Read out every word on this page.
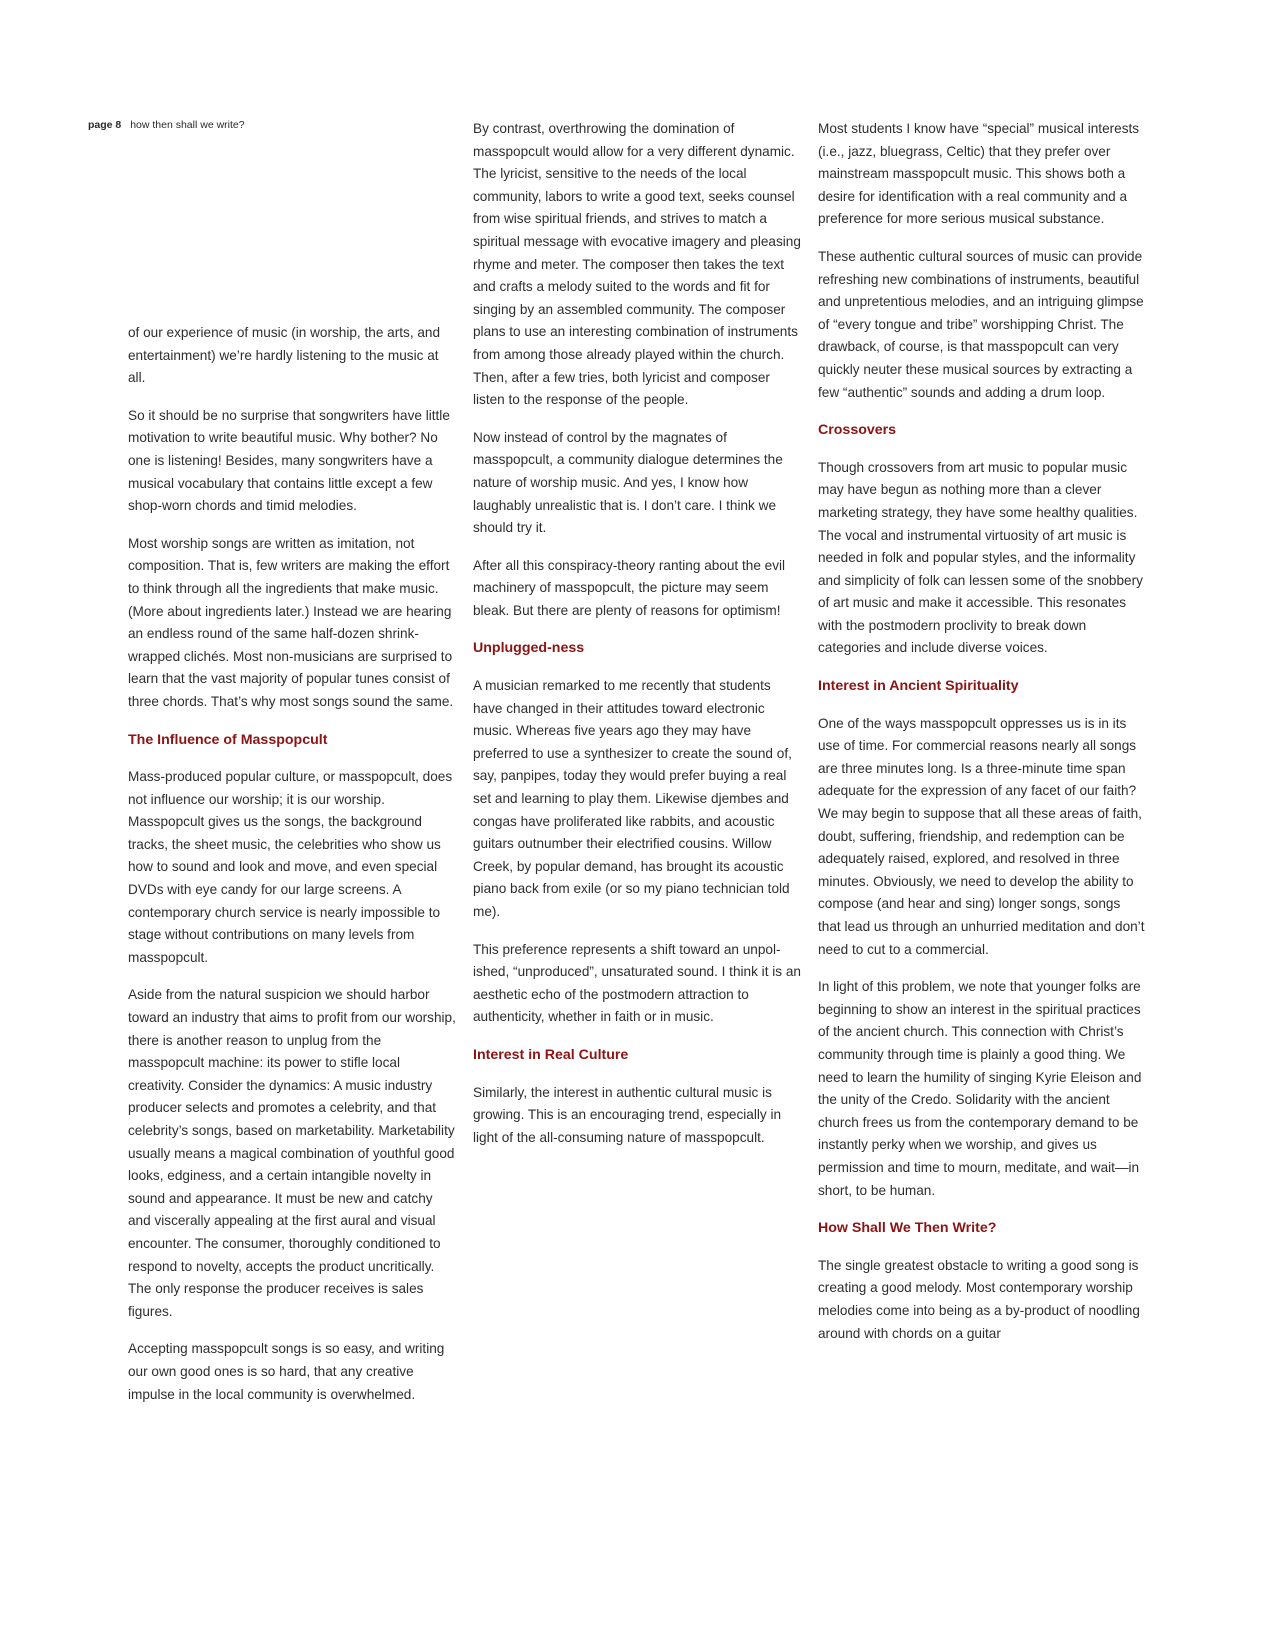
page 8 how then shall we write?

of our experience of music (in worship, the arts, and entertainment) we’re hardly listening to the music at all.

So it should be no surprise that songwriters have little motivation to write beautiful music. Why bother? No one is listening! Besides, many songwriters have a musical vocabulary that contains little except a few shop-worn chords and timid melodies.

Most worship songs are written as imitation, not composition. That is, few writers are making the effort to think through all the ingredients that make music. (More about ingredients later.) Instead we are hearing an endless round of the same half-dozen shrink-wrapped clichés. Most non-musicians are surprised to learn that the vast majority of popular tunes consist of three chords. That’s why most songs sound the same.

The Influence of Masspopcult

Mass-produced popular culture, or masspopcult, does not influence our worship; it is our worship. Masspopcult gives us the songs, the background tracks, the sheet music, the celebrities who show us how to sound and look and move, and even special DVDs with eye candy for our large screens. A contemporary church service is nearly impossible to stage without contributions on many levels from masspopcult.

Aside from the natural suspicion we should harbor toward an industry that aims to profit from our worship, there is another reason to unplug from the masspopcult machine: its power to stifle local creativity. Consider the dynamics: A music industry producer selects and promotes a celebrity, and that celebrity’s songs, based on marketability. Marketability usually means a magical combination of youthful good looks, edginess, and a certain intangible novelty in sound and appearance. It must be new and catchy and viscerally appealing at the first aural and visual encounter. The consumer, thoroughly conditioned to respond to novelty, accepts the product uncritically. The only response the producer receives is sales figures.

Accepting masspopcult songs is so easy, and writing our own good ones is so hard, that any creative impulse in the local community is overwhelmed.

By contrast, overthrowing the domination of masspopcult would allow for a very different dynamic. The lyricist, sensitive to the needs of the local community, labors to write a good text, seeks counsel from wise spiritual friends, and strives to match a spiritual message with evocative imagery and pleasing rhyme and meter. The composer then takes the text and crafts a melody suited to the words and fit for singing by an assembled community. The composer plans to use an interesting combination of instruments from among those already played within the church. Then, after a few tries, both lyricist and composer listen to the response of the people.

Now instead of control by the magnates of masspopcult, a community dialogue determines the nature of worship music. And yes, I know how laughably unrealistic that is. I don’t care. I think we should try it.

After all this conspiracy-theory ranting about the evil machinery of masspopcult, the picture may seem bleak. But there are plenty of reasons for optimism!

Unplugged-ness

A musician remarked to me recently that students have changed in their attitudes toward electronic music. Whereas five years ago they may have preferred to use a synthesizer to create the sound of, say, panpipes, today they would prefer buying a real set and learning to play them. Likewise djembes and congas have proliferated like rabbits, and acoustic guitars outnumber their electrified cousins. Willow Creek, by popular demand, has brought its acoustic piano back from exile (or so my piano technician told me).

This preference represents a shift toward an unpolished, “unproduced”, unsaturated sound. I think it is an aesthetic echo of the postmodern attraction to authenticity, whether in faith or in music.

Interest in Real Culture

Similarly, the interest in authentic cultural music is growing. This is an encouraging trend, especially in light of the all-consuming nature of masspopcult.

Most students I know have “special” musical interests (i.e., jazz, bluegrass, Celtic) that they prefer over mainstream masspopcult music. This shows both a desire for identification with a real community and a preference for more serious musical substance.

These authentic cultural sources of music can provide refreshing new combinations of instruments, beautiful and unpretentious melodies, and an intriguing glimpse of “every tongue and tribe” worshipping Christ. The drawback, of course, is that masspopcult can very quickly neuter these musical sources by extracting a few “authentic” sounds and adding a drum loop.

Crossovers

Though crossovers from art music to popular music may have begun as nothing more than a clever marketing strategy, they have some healthy qualities. The vocal and instrumental virtuosity of art music is needed in folk and popular styles, and the informality and simplicity of folk can lessen some of the snobbery of art music and make it accessible. This resonates with the postmodern proclivity to break down categories and include diverse voices.

Interest in Ancient Spirituality

One of the ways masspopcult oppresses us is in its use of time. For commercial reasons nearly all songs are three minutes long. Is a three-minute time span adequate for the expression of any facet of our faith? We may begin to suppose that all these areas of faith, doubt, suffering, friendship, and redemption can be adequately raised, explored, and resolved in three minutes. Obviously, we need to develop the ability to compose (and hear and sing) longer songs, songs that lead us through an unhurried meditation and don’t need to cut to a commercial.

In light of this problem, we note that younger folks are beginning to show an interest in the spiritual practices of the ancient church. This connection with Christ’s community through time is plainly a good thing. We need to learn the humility of singing Kyrie Eleison and the unity of the Credo. Solidarity with the ancient church frees us from the contemporary demand to be instantly perky when we worship, and gives us permission and time to mourn, meditate, and wait—in short, to be human.

How Shall We Then Write?

The single greatest obstacle to writing a good song is creating a good melody. Most contemporary worship melodies come into being as a by-product of noodling around with chords on a guitar
